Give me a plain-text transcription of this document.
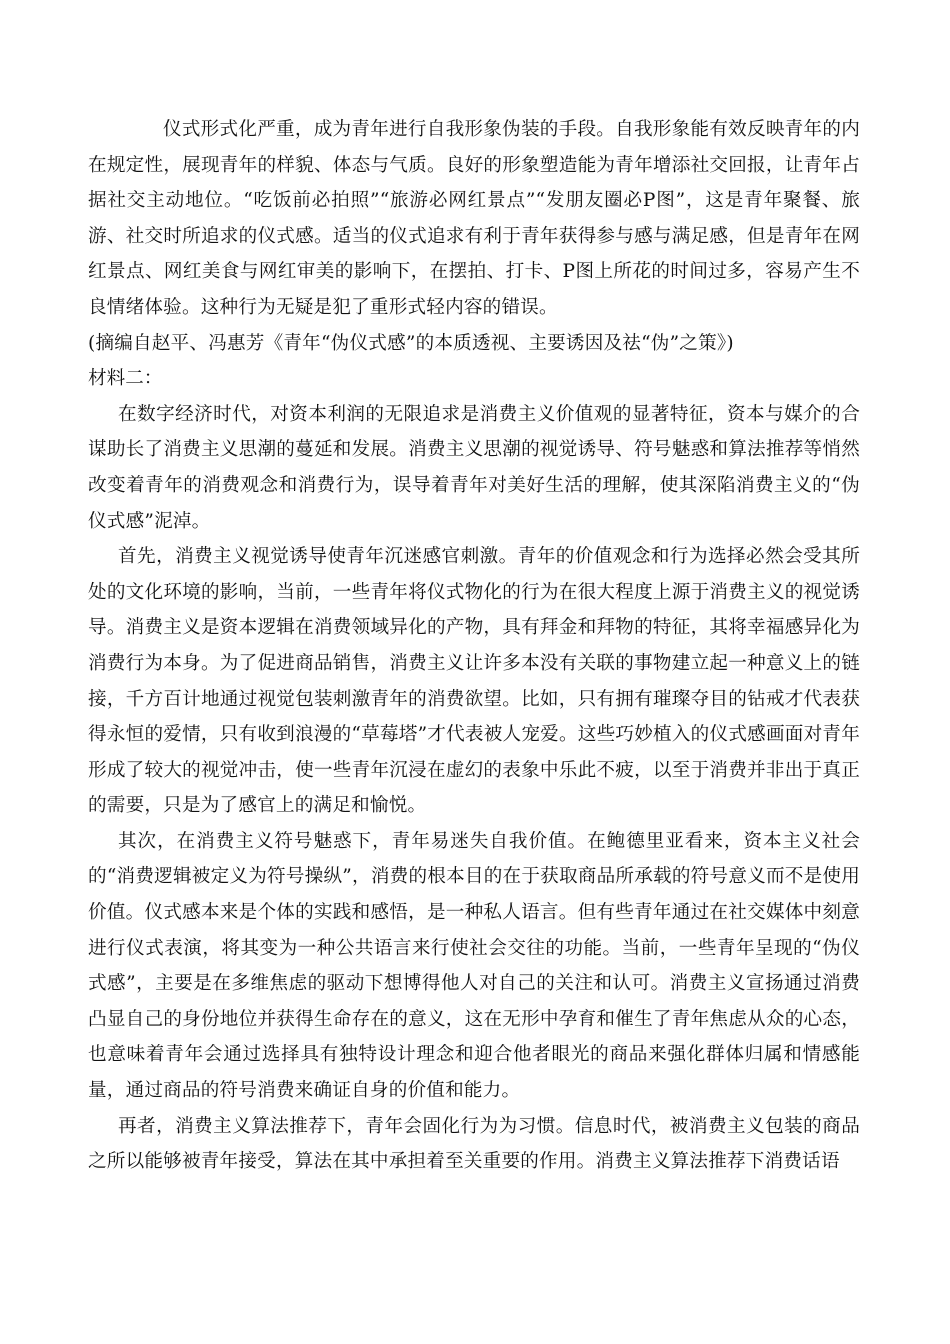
仪式形式化严重，成为青年进行自我形象伪装的手段。自我形象能有效反映青年的内在规定性，展现青年的样貌、体态与气质。良好的形象塑造能为青年增添社交回报，让青年占据社交主动地位。“吃饭前必拍照”“旅游必网红景点”“发朋友圈必P图”，这是青年聚餐、旅游、社交时所追求的仪式感。适当的仪式追求有利于青年获得参与感与满足感，但是青年在网红景点、网红美食与网红审美的影响下，在摆拍、打卡、P图上所花的时间过多，容易产生不良情绪体验。这种行为无疑是犯了重形式轻内容的错误。

(摘编自赵平、冯惠芳《青年“伪仪式感”的本质透视、主要诱因及祛“伪”之策》)

材料二：

在数字经济时代，对资本利润的无限追求是消费主义价值观的显著特征，资本与媒介的合谋助长了消费主义思潮的蔓延和发展。消费主义思潮的视觉诱导、符号魅惑和算法推荐等悄然改变着青年的消费观念和消费行为，误导着青年对美好生活的理解，使其深陷消费主义的“伪仪式感”泥淖。

首先，消费主义视觉诱导使青年沉迷感官刺激。青年的价值观念和行为选择必然会受其所处的文化环境的影响，当前，一些青年将仪式物化的行为在很大程度上源于消费主义的视觉诱导。消费主义是资本逻辑在消费领域异化的产物，具有拜金和拜物的特征，其将幸福感异化为消费行为本身。为了促进商品销售，消费主义让许多本没有关联的事物建立起一种意义上的链接，千方百计地通过视觉包装刺激青年的消费欲望。比如，只有拥有璀璨夺目的钻戒才代表获得永恒的爱情，只有收到浪漫的“草莓塔”才代表被人宠爱。这些巧妙植入的仪式感画面对青年形成了较大的视觉冲击，使一些青年沉浸在虚幻的表象中乐此不疲，以至于消费并非出于真正的需要，只是为了感官上的满足和愉悦。

其次，在消费主义符号魅惑下，青年易迷失自我价值。在鲍德里亚看来，资本主义社会的“消费逻辑被定义为符号操纵”，消费的根本目的在于获取商品所承载的符号意义而不是使用价值。仪式感本来是个体的实践和感悟，是一种私人语言。但有些青年通过在社交媒体中刻意进行仪式表演，将其变为一种公共语言来行使社会交往的功能。当前，一些青年呈现的“伪仪式感”，主要是在多维焦虑的驱动下想博得他人对自己的关注和认可。消费主义宣扬通过消费凸显自己的身份地位并获得生命存在的意义，这在无形中孕育和催生了青年焦虑从众的心态，也意味着青年会通过选择具有独特设计理念和迎合他者眼光的商品来强化群体归属和情感能量，通过商品的符号消费来确证自身的价值和能力。

再者，消费主义算法推荐下，青年会固化行为为习惯。信息时代，被消费主义包装的商品之所以能够被青年接受，算法在其中承担着至关重要的作用。消费主义算法推荐下消费话语
